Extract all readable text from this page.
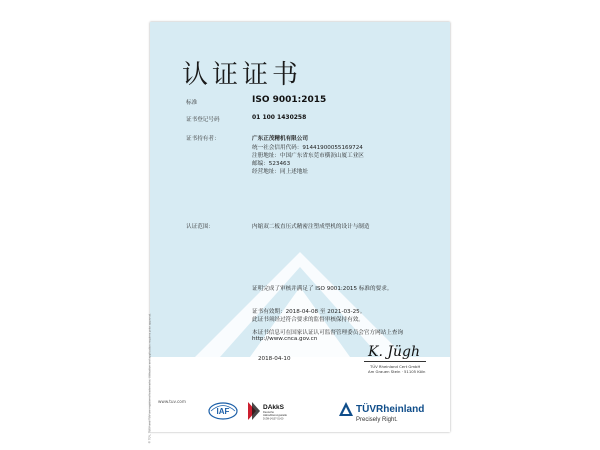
认证证书
标准	ISO 9001:2015
证书登记号码	01 100 1430258
证书持有者：	广东正茂精机有限公司
统一社会信用代码：91441900055169724
注册地址：中国广东省东莞市横沥山厦工业区
邮编：523463
经营地址：同上述地址
认证范围：	内缩双二板直压式精密注塑成型机的设计与制造
证明完成了审核并满足了 ISO 9001:2015 标准的要求。
证书有效期：2018-04-08 至 2021-03-25。
此证书须经过符合要求的监督审核保持有效。
本证书信息可在国家认证认可监督管理委员会官方网站上查询
http://www.cnca.gov.cn
2018-04-10	K. Jügh
TÜV Rheinland Cert GmbH
Am Grauen Stein · 51105 Köln
® TÜV, TUEV and TUV are registered trademarks. Utilisation and application requires prior approval. www.tuv.com
IAF	DAkkS
Deutsche
Akkreditierungsstelle
D-ZM-14137-01-00
TÜVRheinland
Precisely Right.
